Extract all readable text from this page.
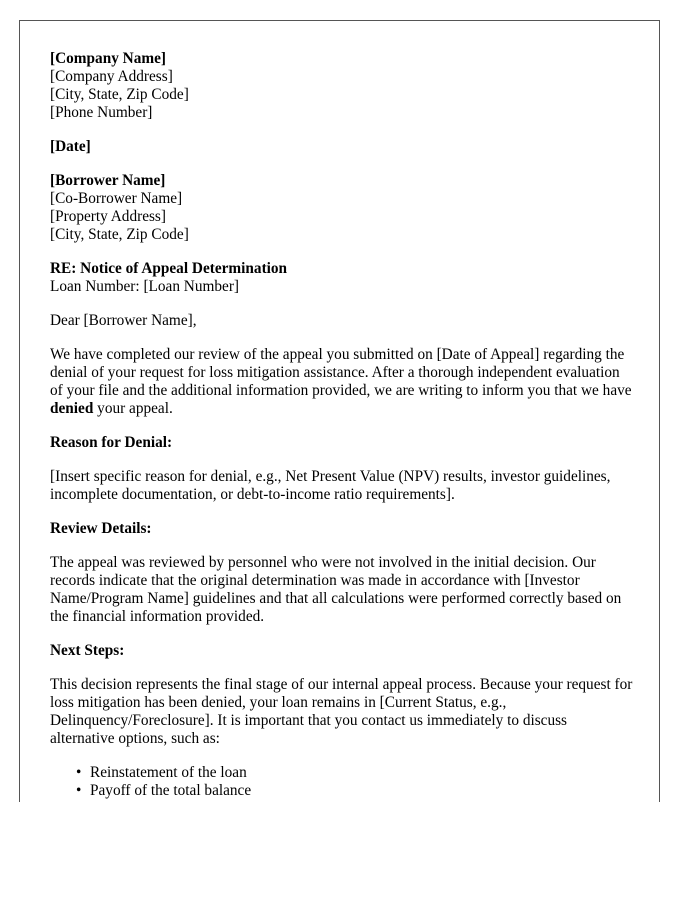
[Company Name]
[Company Address]
[City, State, Zip Code]
[Phone Number]
[Date]
[Borrower Name]
[Co-Borrower Name]
[Property Address]
[City, State, Zip Code]
RE: Notice of Appeal Determination
Loan Number: [Loan Number]

Dear [Borrower Name],

We have completed our review of the appeal you submitted on [Date of Appeal] regarding the denial of your request for loss mitigation assistance. After a thorough independent evaluation of your file and the additional information provided, we are writing to inform you that we have denied your appeal.

Reason for Denial:

[Insert specific reason for denial, e.g., Net Present Value (NPV) results, investor guidelines, incomplete documentation, or debt-to-income ratio requirements].

Review Details:

The appeal was reviewed by personnel who were not involved in the initial decision. Our records indicate that the original determination was made in accordance with [Investor Name/Program Name] guidelines and that all calculations were performed correctly based on the financial information provided.

Next Steps:

This decision represents the final stage of our internal appeal process. Because your request for loss mitigation has been denied, your loan remains in [Current Status, e.g., Delinquency/Foreclosure]. It is important that you contact us immediately to discuss alternative options, such as:

• Reinstatement of the loan
• Payoff of the total balance
